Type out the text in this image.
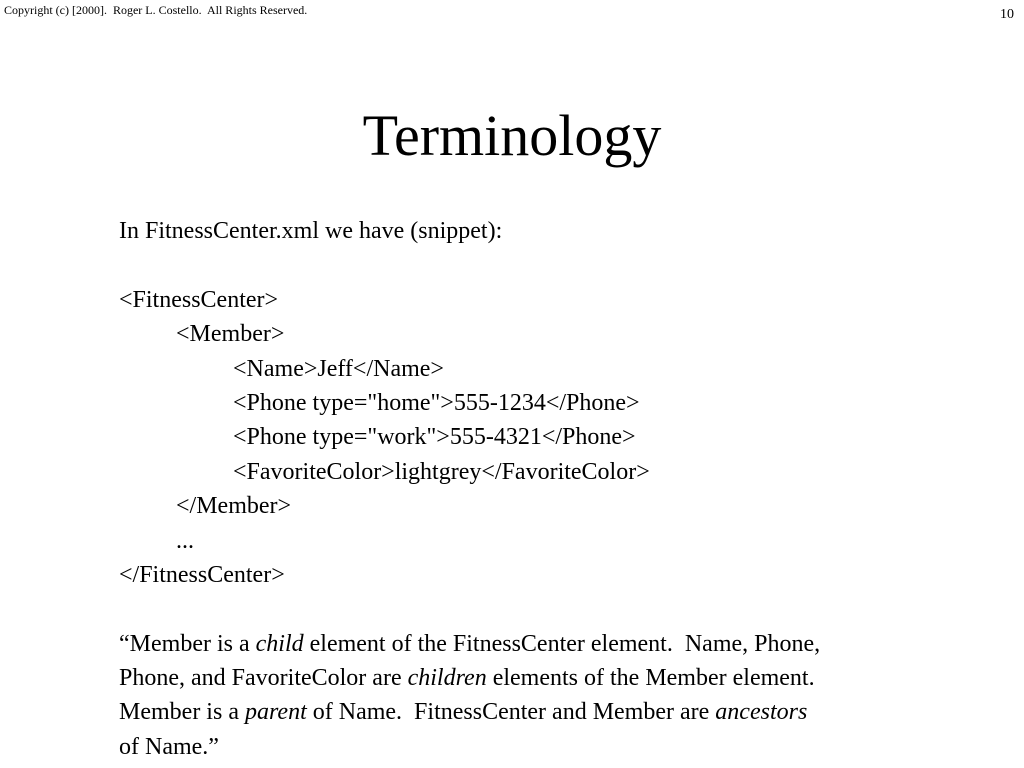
Copyright (c) [2000].  Roger L. Costello.  All Rights Reserved.	10
Terminology
In FitnessCenter.xml we have (snippet):
<FitnessCenter>
<Member>
<Name>Jeff</Name>
<Phone type="home">555-1234</Phone>
<Phone type="work">555-4321</Phone>
<FavoriteColor>lightgrey</FavoriteColor>
</Member>
...
</FitnessCenter>
“Member is a child element of the FitnessCenter element.  Name, Phone,
Phone, and FavoriteColor are children elements of the Member element.
Member is a parent of Name.  FitnessCenter and Member are ancestors
of Name.”
